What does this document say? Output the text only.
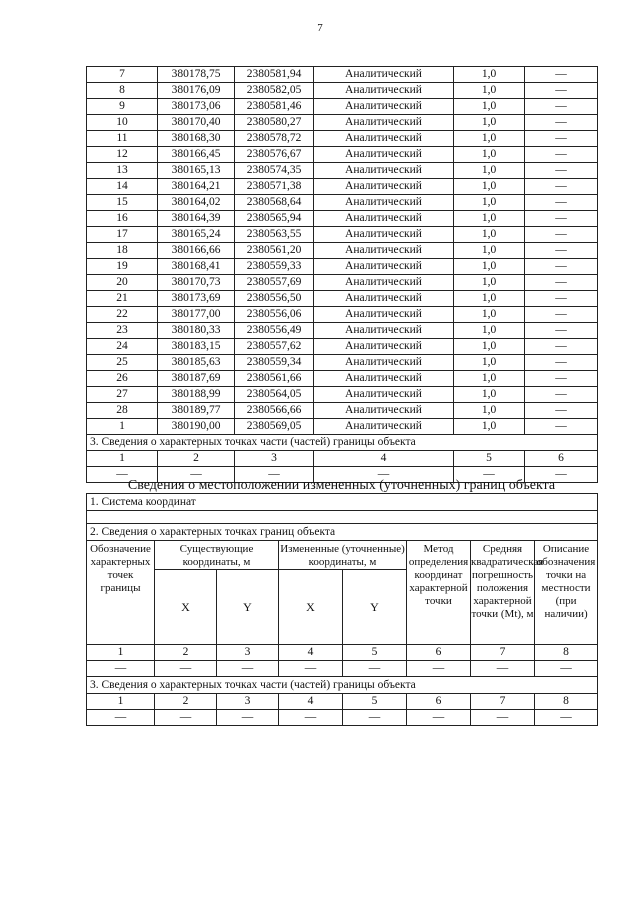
7
7	380178,75	2380581,94	Аналитический	1,0	—
8	380176,09	2380582,05	Аналитический	1,0	—
9	380173,06	2380581,46	Аналитический	1,0	—
10	380170,40	2380580,27	Аналитический	1,0	—
11	380168,30	2380578,72	Аналитический	1,0	—
12	380166,45	2380576,67	Аналитический	1,0	—
13	380165,13	2380574,35	Аналитический	1,0	—
14	380164,21	2380571,38	Аналитический	1,0	—
15	380164,02	2380568,64	Аналитический	1,0	—
16	380164,39	2380565,94	Аналитический	1,0	—
17	380165,24	2380563,55	Аналитический	1,0	—
18	380166,66	2380561,20	Аналитический	1,0	—
19	380168,41	2380559,33	Аналитический	1,0	—
20	380170,73	2380557,69	Аналитический	1,0	—
21	380173,69	2380556,50	Аналитический	1,0	—
22	380177,00	2380556,06	Аналитический	1,0	—
23	380180,33	2380556,49	Аналитический	1,0	—
24	380183,15	2380557,62	Аналитический	1,0	—
25	380185,63	2380559,34	Аналитический	1,0	—
26	380187,69	2380561,66	Аналитический	1,0	—
27	380188,99	2380564,05	Аналитический	1,0	—
28	380189,77	2380566,66	Аналитический	1,0	—
1	380190,00	2380569,05	Аналитический	1,0	—
3. Сведения о характерных точках части (частей) границы объекта					
1	2	3	4	5	6
—	—	—	—	—	—
Сведения о местоположении измененных (уточненных) границ объекта
1. Система координат							

2. Сведения о характерных точках границ объекта							
Обозначение характерных точек границы	Существующие координаты, м		Измененные (уточненные) координаты, м		Метод определения координат характерной точки	Средняя квадратическая погрешность положения характерной точки (Mt), м	Описание обозначения точки на местности (при наличии)
	X	Y	X	Y			
1	2	3	4	5	6	7	8
—	—	—	—	—	—	—	—
3. Сведения о характерных точках части (частей) границы объекта							
1	2	3	4	5	6	7	8
—	—	—	—	—	—	—	—
